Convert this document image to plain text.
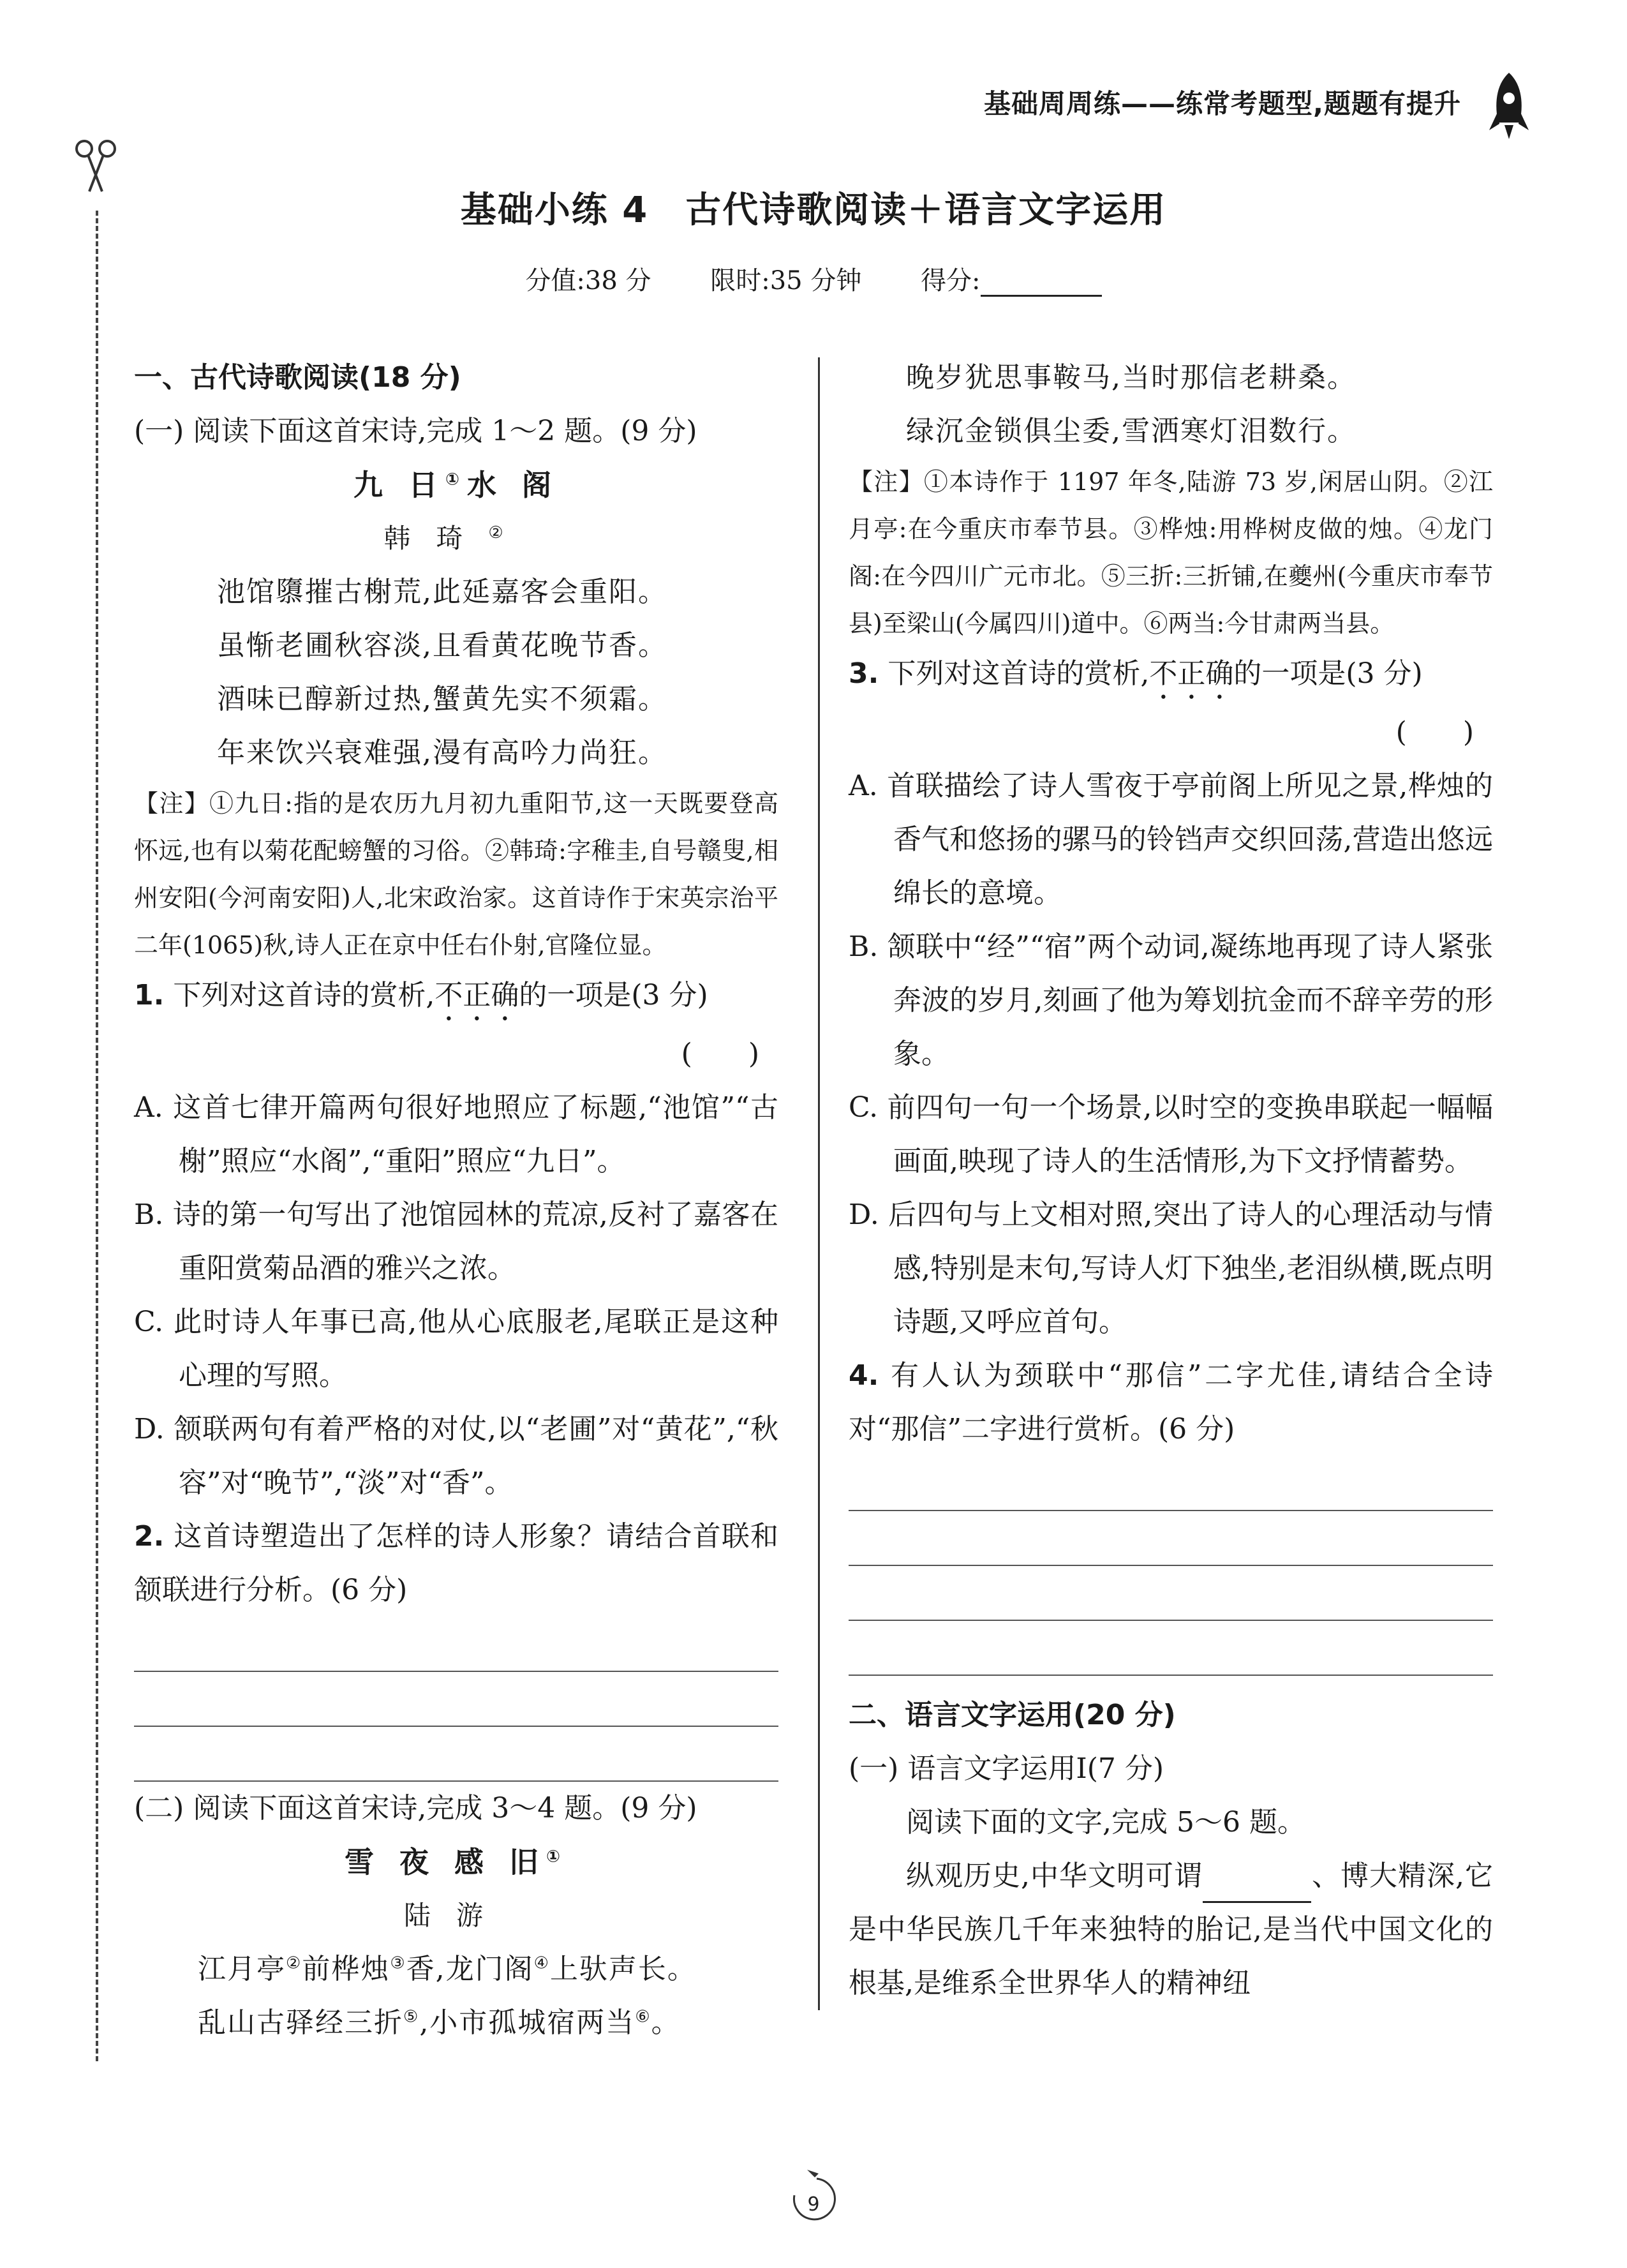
基础周周练——练常考题型,题题有提升
基础小练 4　古代诗歌阅读＋语言文字运用
分值:38 分 限时:35 分钟 得分:

一、古代诗歌阅读(18 分)

(一) 阅读下面这首宋诗,完成 1～2 题。(9 分)

九 日①水 阁

韩琦②

池馆隳摧古榭荒,此延嘉客会重阳。

虽惭老圃秋容淡,且看黄花晚节香。

酒味已醇新过热,蟹黄先实不须霜。

年来饮兴衰难强,漫有高吟力尚狂。

【注】①九日:指的是农历九月初九重阳节,这一天既要登高怀远,也有以菊花配螃蟹的习俗。②韩琦:字稚圭,自号赣叟,相州安阳(今河南安阳)人,北宋政治家。这首诗作于宋英宗治平二年(1065)秋,诗人正在京中任右仆射,官隆位显。

1. 下列对这首诗的赏析,不正确的一项是(3 分)

(　　)

A. 这首七律开篇两句很好地照应了标题,“池馆”“古榭”照应“水阁”,“重阳”照应“九日”。

B. 诗的第一句写出了池馆园林的荒凉,反衬了嘉客在重阳赏菊品酒的雅兴之浓。

C. 此时诗人年事已高,他从心底服老,尾联正是这种心理的写照。

D. 颔联两句有着严格的对仗,以“老圃”对“黄花”,“秋容”对“晚节”,“淡”对“香”。

2. 这首诗塑造出了怎样的诗人形象？请结合首联和颔联进行分析。(6 分)

(二) 阅读下面这首宋诗,完成 3～4 题。(9 分)

雪 夜 感 旧①

陆游

江月亭②前桦烛③香,龙门阁④上驮声长。

乱山古驿经三折⑤,小市孤城宿两当⑥。

晚岁犹思事鞍马,当时那信老耕桑。

绿沉金锁俱尘委,雪洒寒灯泪数行。

【注】①本诗作于 1197 年冬,陆游 73 岁,闲居山阴。②江月亭:在今重庆市奉节县。③桦烛:用桦树皮做的烛。④龙门阁:在今四川广元市北。⑤三折:三折铺,在夔州(今重庆市奉节县)至梁山(今属四川)道中。⑥两当:今甘肃两当县。

3. 下列对这首诗的赏析,不正确的一项是(3 分)

(　　)

A. 首联描绘了诗人雪夜于亭前阁上所见之景,桦烛的香气和悠扬的骡马的铃铛声交织回荡,营造出悠远绵长的意境。

B. 颔联中“经”“宿”两个动词,凝练地再现了诗人紧张奔波的岁月,刻画了他为筹划抗金而不辞辛劳的形象。

C. 前四句一句一个场景,以时空的变换串联起一幅幅画面,映现了诗人的生活情形,为下文抒情蓄势。

D. 后四句与上文相对照,突出了诗人的心理活动与情感,特别是末句,写诗人灯下独坐,老泪纵横,既点明诗题,又呼应首句。

4. 有人认为颈联中“那信”二字尤佳,请结合全诗对“那信”二字进行赏析。(6 分)

二、语言文字运用(20 分)

(一) 语言文字运用Ⅰ(7 分)

阅读下面的文字,完成 5～6 题。

纵观历史,中华文明可谓	、博大精深,它是中华民族几千年来独特的胎记,是当代中国文化的根基,是维系全世界华人的精神纽

9
